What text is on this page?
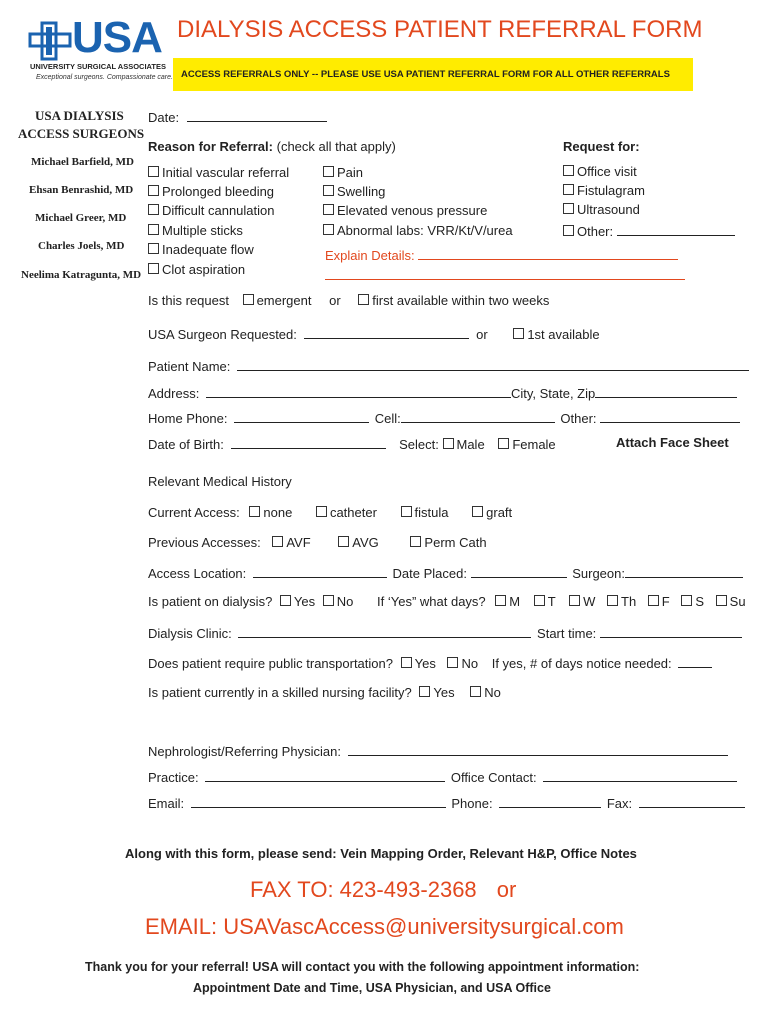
USA
UNIVERSITY SURGICAL ASSOCIATES
Exceptional surgeons. Compassionate care.
DIALYSIS ACCESS PATIENT REFERRAL FORM
ACCESS REFERRALS ONLY -- PLEASE USE USA PATIENT REFERRAL FORM FOR ALL OTHER REFERRALS
USA DIALYSIS
ACCESS SURGEONS
Michael Barfield, MD
Ehsan Benrashid, MD
Michael Greer, MD
Charles Joels, MD
Neelima Katragunta, MD
Date:
Reason for Referral: (check all that apply)	Request for:
Initial vascular referral
Prolonged bleeding
Difficult cannulation
Multiple sticks
Inadequate flow
Clot aspiration
Pain
Swelling
Elevated venous pressure
Abnormal labs: VRR/Kt/V/urea
Explain Details:
Office visit
Fistulagram
Ultrasound
Other:
Is this request emergent or first available within two weeks
USA Surgeon Requested:	or	1st available
Patient Name:
Address:	City, State, Zip
Home Phone:	Cell:	Other:
Date of Birth:	Select: Male Female	Attach Face Sheet
Relevant Medical History
Current Access: none	catheter	fistula	graft
Previous Accesses: AVF	AVG	Perm Cath
Access Location:	Date Placed:	Surgeon:
Is patient on dialysis? Yes No If ‘Yes” what days? M T W Th F S Su
Dialysis Clinic:	Start time:
Does patient require public transportation? Yes No If yes, # of days notice needed:
Is patient currently in a skilled nursing facility? Yes No
Nephrologist/Referring Physician:
Practice:	Office Contact:
Email:	Phone:	Fax:
Along with this form, please send: Vein Mapping Order, Relevant H&P, Office Notes
FAX TO: 423-493-2368 or
EMAIL: USAVascAccess@universitysurgical.com
Thank you for your referral! USA will contact you with the following appointment information:
Appointment Date and Time, USA Physician, and USA Office
